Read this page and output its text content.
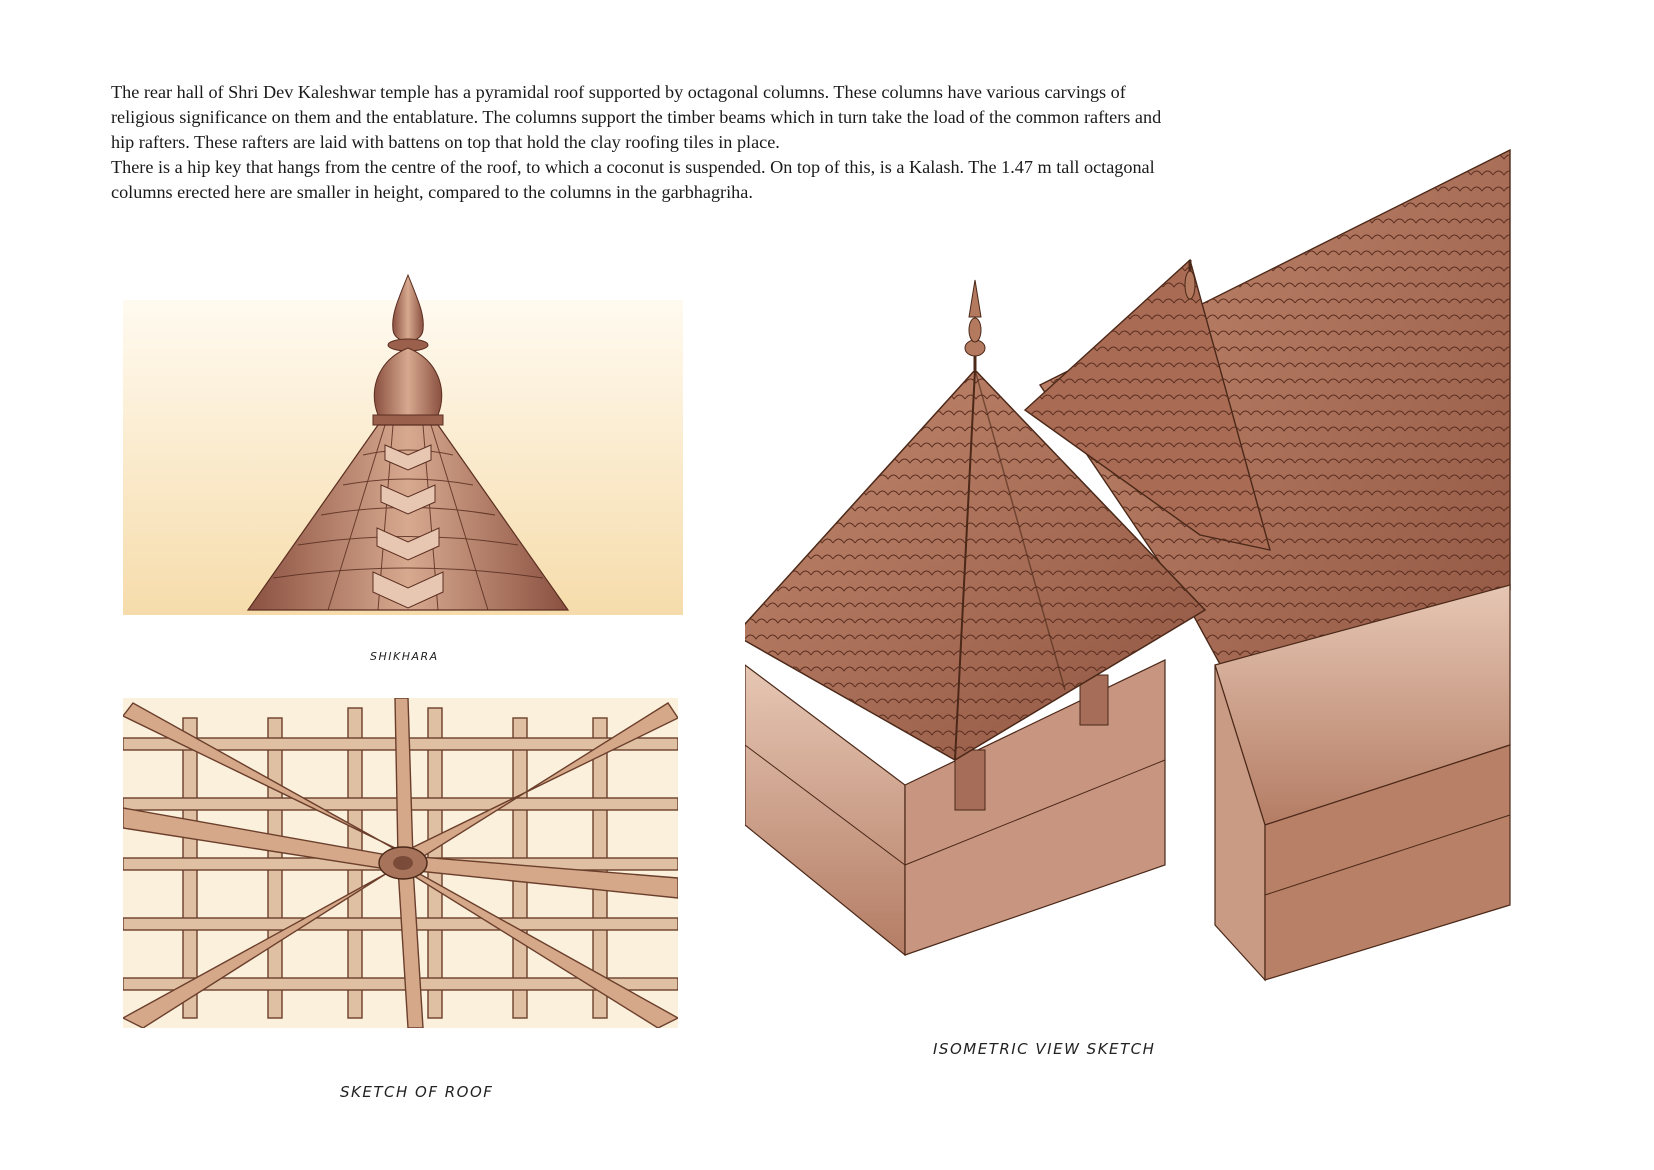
The rear hall of Shri Dev Kaleshwar temple has a pyramidal roof supported by octagonal columns. These columns have various carvings of religious significance on them and the entablature. The columns support the timber beams which in turn take the load of the common rafters and hip rafters. These rafters are laid with battens on top that hold the clay roofing tiles in place.

There is a hip key that hangs from the centre of the roof, to which a coconut is suspended. On top of this, is a Kalash. The 1.47 m tall octagonal columns erected here are smaller in height, compared to the columns in the garbhagriha.

SHIKHARA
SKETCH OF ROOF
ISOMETRIC VIEW SKETCH
